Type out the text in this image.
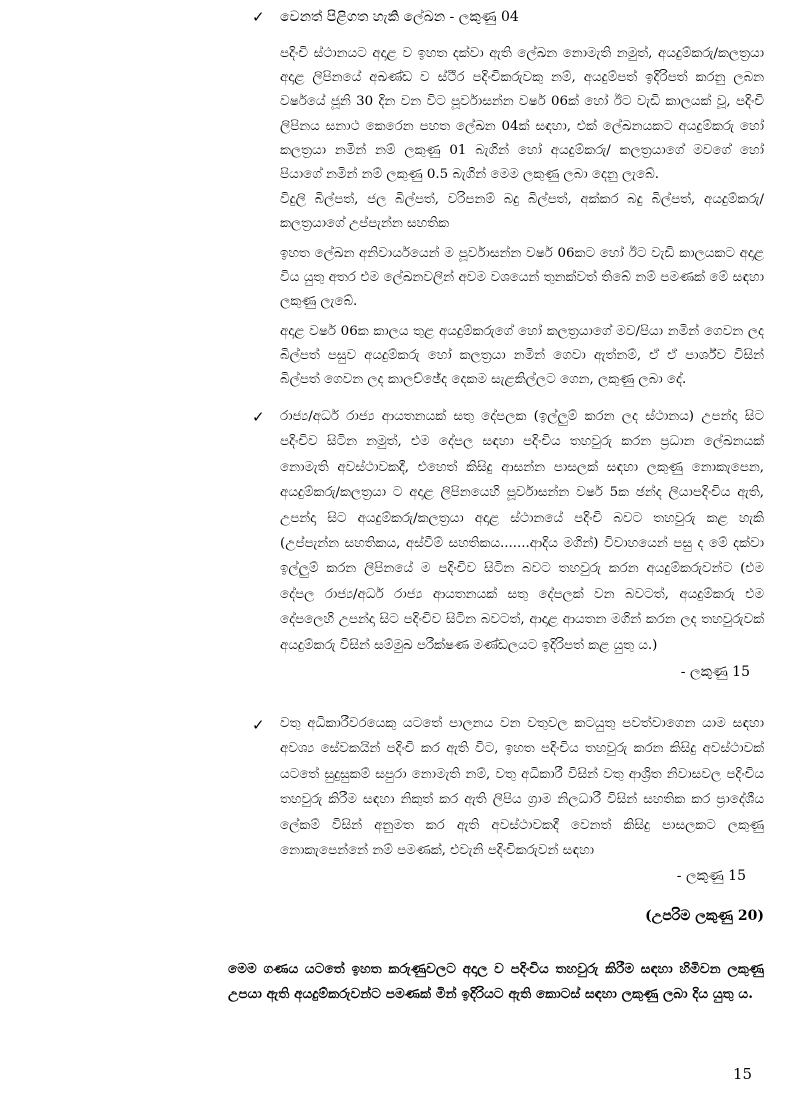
✓ වෙනත් පිළිගත හැකි ලේඛන - ලකුණු 04
පදිංචි ස්ථානයට අදාළ ව ඉහත දක්වා ඇති ලේඛන නොමැති නමුත්, අයදුම්කරු/කලත්‍රයා අදාළ ලිපිනයේ අඛණ්ඩ ව ස්ථිර පදිංචිකරුවකු නම්, අයදුම්පත් ඉදිරිපත් කරනු ලබන වර්ෂයේ ජූනි 30 දින වන විට පූර්වාසන්න වර්ෂ 06ක් හෝ ඊට වැඩි කාලයක් වූ, පදිංචි ලිපිනය සනාථ කෙරෙන පහත ලේඛන 04ක් සඳහා, එක් ලේඛනයකට අයදුම්කරු හෝ කලත්‍රයා නමින් නම් ලකුණු 01 බැගින් හෝ අයදුම්කරු/ කලත්‍රයාගේ මවගේ හෝ පියාගේ නමින් නම් ලකුණු 0.5 බැගින් මෙම ලකුණු ලබා දෙනු ලැබේ.
විදුලි බිල්පත්, ජල බිල්පත්, වරිපනම් බදු බිල්පත්, අක්කර බදු බිල්පත්, අයදුම්කරු/කලත්‍රයාගේ උප්පැන්න සහතික
ඉහත ලේඛන අනිවාර්යයෙන් ම පූර්වාසන්න වර්ෂ 06කට හෝ ඊට වැඩි කාලයකට අදාළ විය යුතු අතර එම ලේඛනවලින් අවම වශයෙන් තුනක්වත් තිබේ නම් පමණක් මේ සඳහා ලකුණු ලැබේ.
අදාළ වර්ෂ 06ක කාලය තුළ අයදුම්කරුගේ හෝ කලත්‍රයාගේ මව/පියා නමින් ගෙවන ලද බිල්පත් පසුව අයදුම්කරු හෝ කලත්‍රයා නමින් ගෙවා ඇත්නම්, ඒ ඒ පාර්ශ්ව විසින් බිල්පත් ගෙවන ලද කාලච්ඡේද දෙකම සැළකිල්ලට ගෙන, ලකුණු ලබා දේ.
✓ රාජ්‍ය/අර්ධ රාජ්‍ය ආයතනයක් සතු දේපලක (ඉල්ලුම් කරන ලද ස්ථානය) උපන්දා සිට පදිංචිව සිටින නමුත්, එම දේපල සඳහා පදිංචිය තහවුරු කරන ප්‍රධාන ලේඛනයක් නොමැති අවස්ථාවකදී, එහෙත් කිසිදු ආසන්න පාසලක් සඳහා ලකුණු නොකැපෙන, අයදුම්කරු/කලත්‍රයා ට අදාළ ලිපිනයෙහි පූර්වාසන්න වර්ෂ 5ක ඡන්ද ලියාපදිංචිය ඇති, උපන්දා සිට අයදුම්කරු/කලත්‍රයා අදාළ ස්ථානයේ පදිංචි බවට තහවුරු කළ හැකි (උප්පැන්න සහතිකය, අස්වීම් සහතිකය.......ආදිය මගින්) විවාහයෙන් පසු ද මේ දක්වා ඉල්ලුම් කරන ලිපිනයේ ම පදිංචිව සිටින බවට තහවුරු කරන අයදුම්කරුවන්ට (එම දේපල රාජ්‍ය/අර්ධ රාජ්‍ය ආයතනයක් සතු දේපලක් වන බවටත්, අයදුම්කරු එම දේපලෙහි උපන්දා සිට පදිංචිව සිටින බවටත්, ආදාළ ආයතන මගින් කරන ලද තහවුරුවක් අයදුම්කරු විසින් සම්මුඛ පරීක්ෂණ මණ්ඩලයට ඉදිරිපත් කළ යුතු ය.)
- ලකුණු 15
✓ වතු අධිකාරීවරයෙකු යටතේ පාලනය වන වතුවල කටයුතු පවත්වාගෙන යාම සඳහා අවශ්‍ය සේවකයින් පදිංචි කර ඇති විට, ඉහත පදිංචිය තහවුරු කරන කිසිදු අවස්ථාවක් යටතේ සුදුසුකම් සපුරා නොමැති නම්, වතු අධිකාරී විසින් වතු ආශ්‍රිත නිවාසවල පදිංචිය තහවුරු කිරීම සඳහා නිකුත් කර ඇති ලිපිය ග්‍රාම නිලධාරී විසින් සහතික කර ප්‍රාදේශීය ලේකම් විසින් අනුමත කර ඇති අවස්ථාවකදී වෙනත් කිසිදු පාසලකට ලකුණු නොකැපෙන්නේ නම් පමණක්, එවැනි පදිංචිකරුවන් සඳහා
- ලකුණු 15
(උපරිම ලකුණු 20)
මෙම ගණය යටතේ ඉහත කරුණුවලට අදාල ව පදිංචිය තහවුරු කිරීම සඳහා හිමිවන ලකුණු උපයා ඇති අයදුම්කරුවන්ට පමණක් මින් ඉදිරියට ඇති කොටස් සඳහා ලකුණු ලබා දිය යුතු ය.
15
